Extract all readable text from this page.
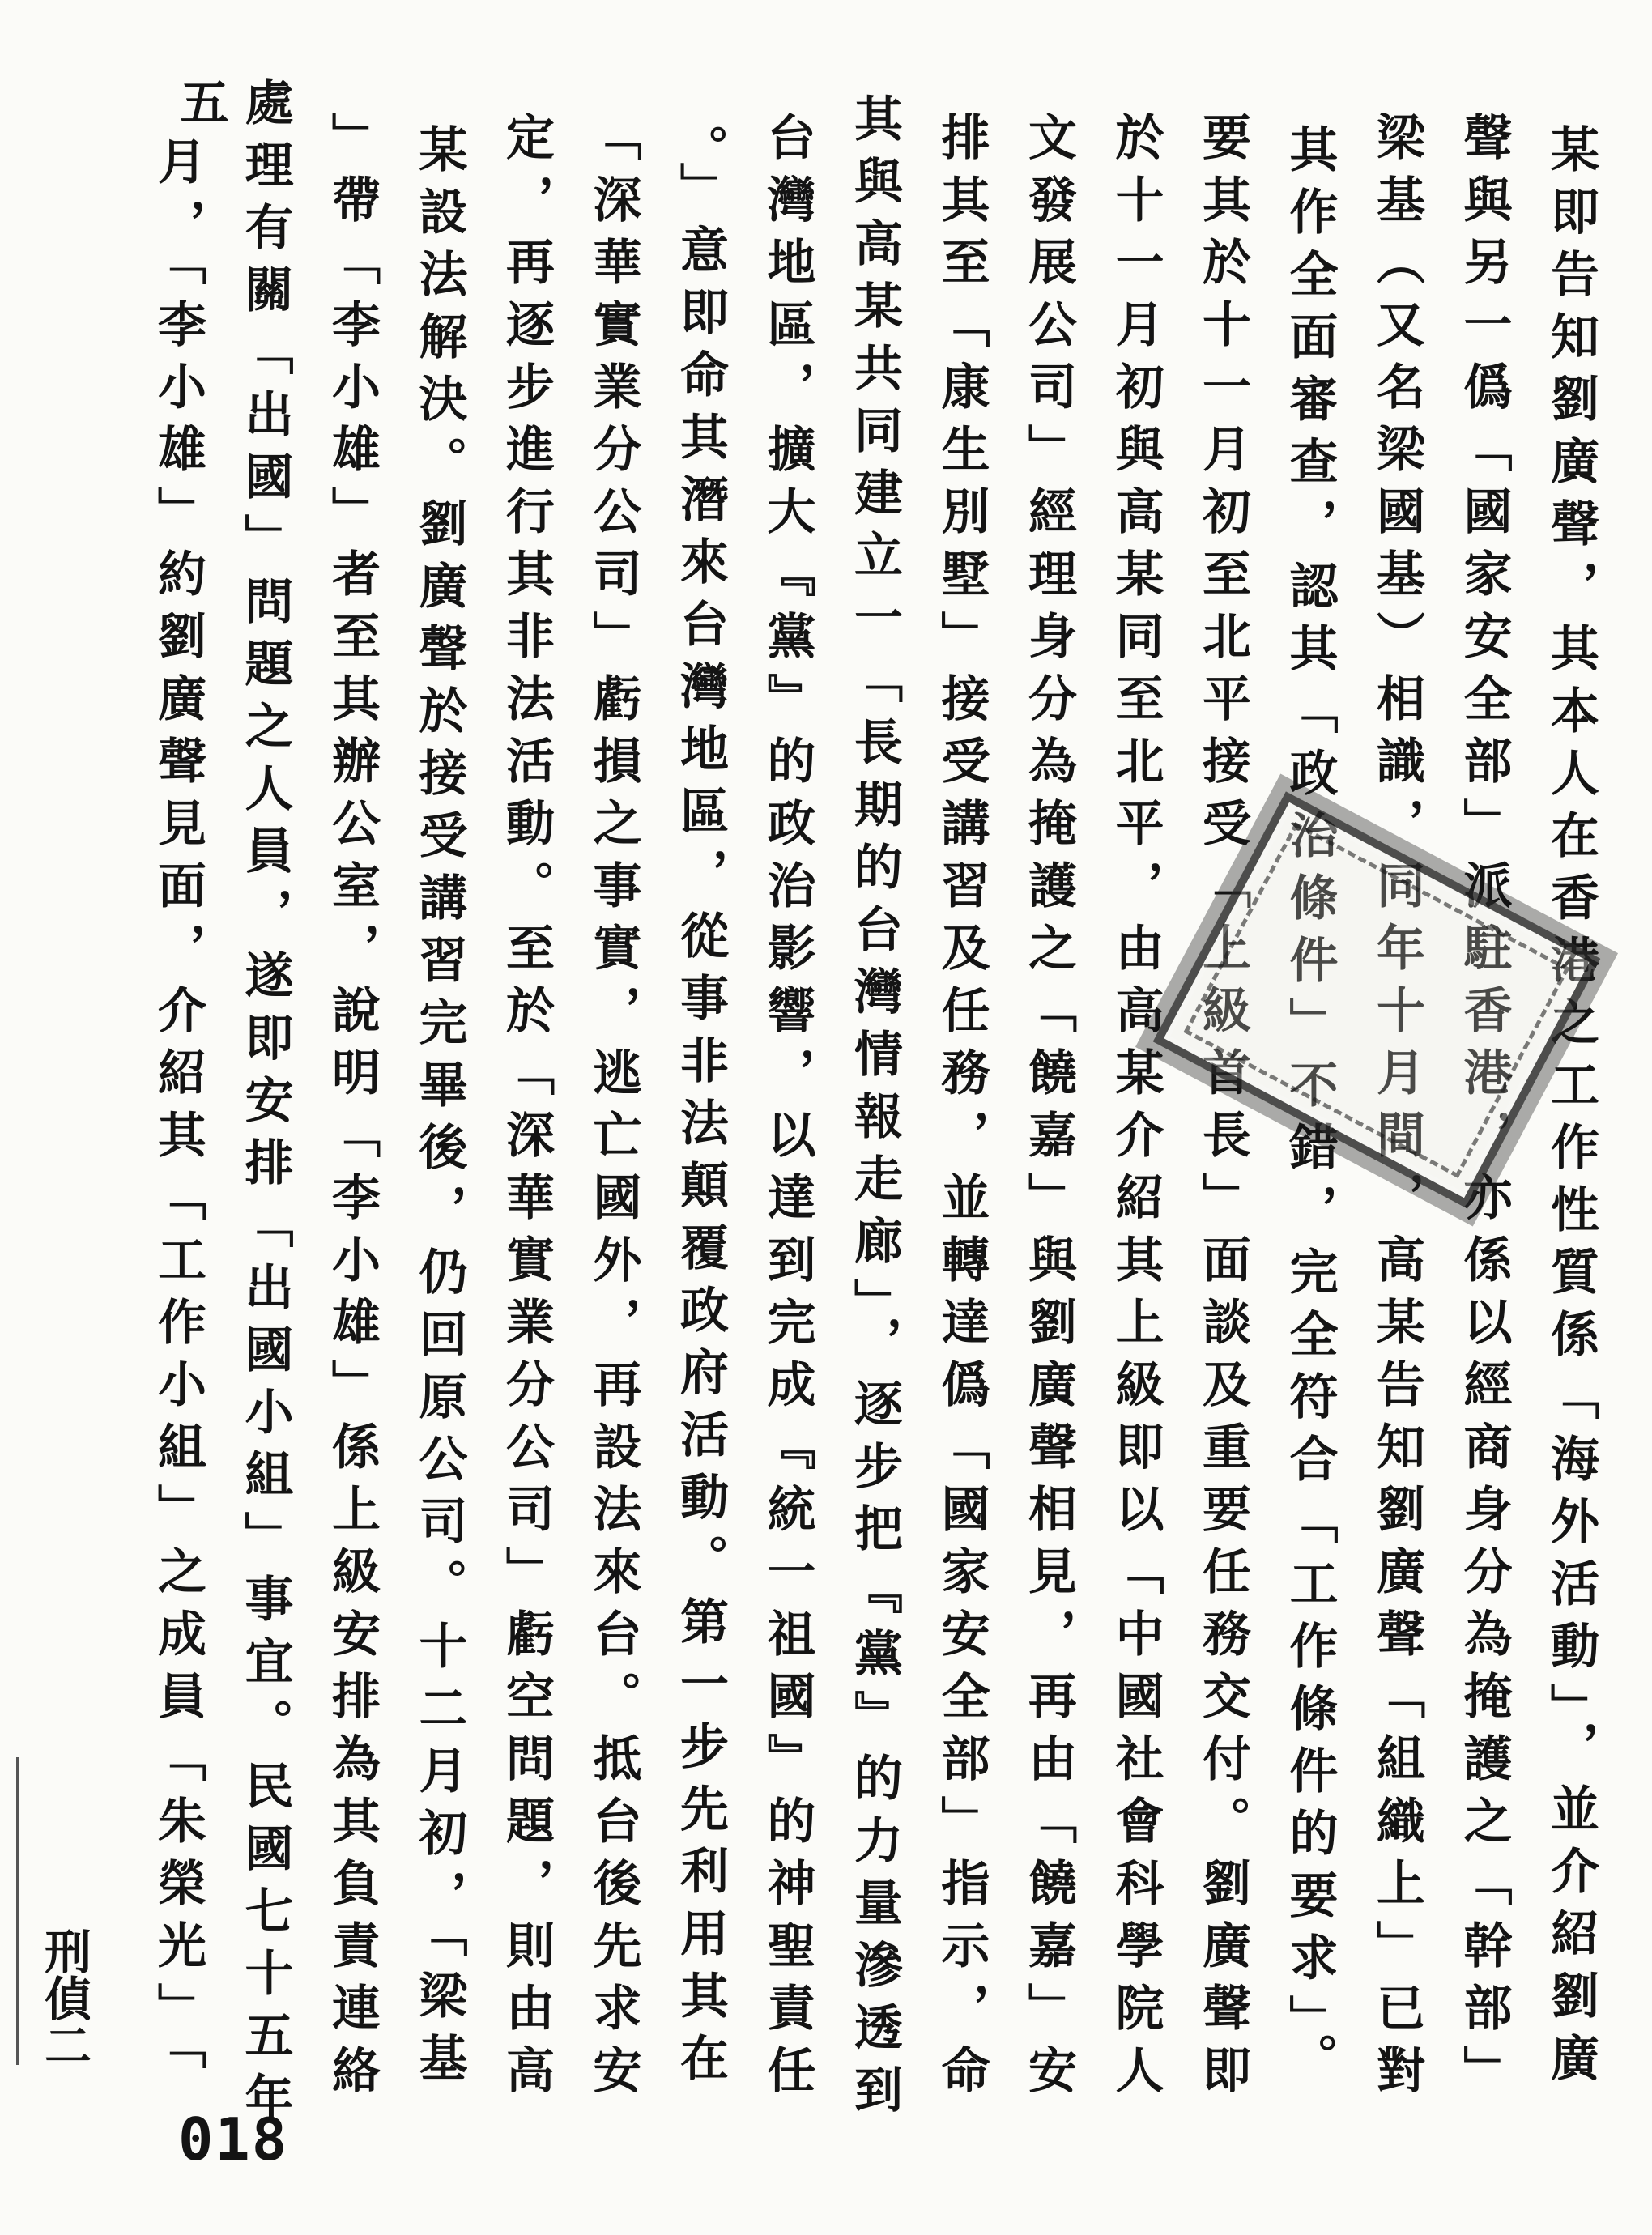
某即告知劉廣聲，其本人在香港之工作性質係「海外活動」，並介紹劉廣
聲與另一僞「國家安全部」派駐香港，亦係以經商身分為掩護之「幹部」
梁基（又名梁國基）相識，同年十月間，高某告知劉廣聲「組織上」已對
其作全面審查，認其「政治條件」不錯，完全符合「工作條件的要求」。
要其於十一月初至北平接受「上級首長」面談及重要任務交付。劉廣聲即
於十一月初與高某同至北平，由高某介紹其上級即以「中國社會科學院人
文發展公司」經理身分為掩護之「饒嘉」與劉廣聲相見，再由「饒嘉」安
排其至「康生別墅」接受講習及任務，並轉達僞「國家安全部」指示，命
其與高某共同建立一「長期的台灣情報走廊」，逐步把『黨』的力量滲透到
台灣地區，擴大『黨』的政治影響，以達到完成『統一祖國』的神聖責任
。」意即命其潛來台灣地區，從事非法顛覆政府活動。第一步先利用其在
「深華實業分公司」虧損之事實，逃亡國外，再設法來台。抵台後先求安
定，再逐步進行其非法活動。至於「深華實業分公司」虧空問題，則由高
某設法解決。劉廣聲於接受講習完畢後，仍回原公司。十二月初，「梁基
」帶「李小雄」者至其辦公室，說明「李小雄」係上級安排為其負責連絡
處理有關「出國」問題之人員，遂即安排「出國小組」事宜。民國七十五年五
月，「李小雄」約劉廣聲見面，介紹其「工作小組」之成員「朱榮光」「
刑偵二
018
